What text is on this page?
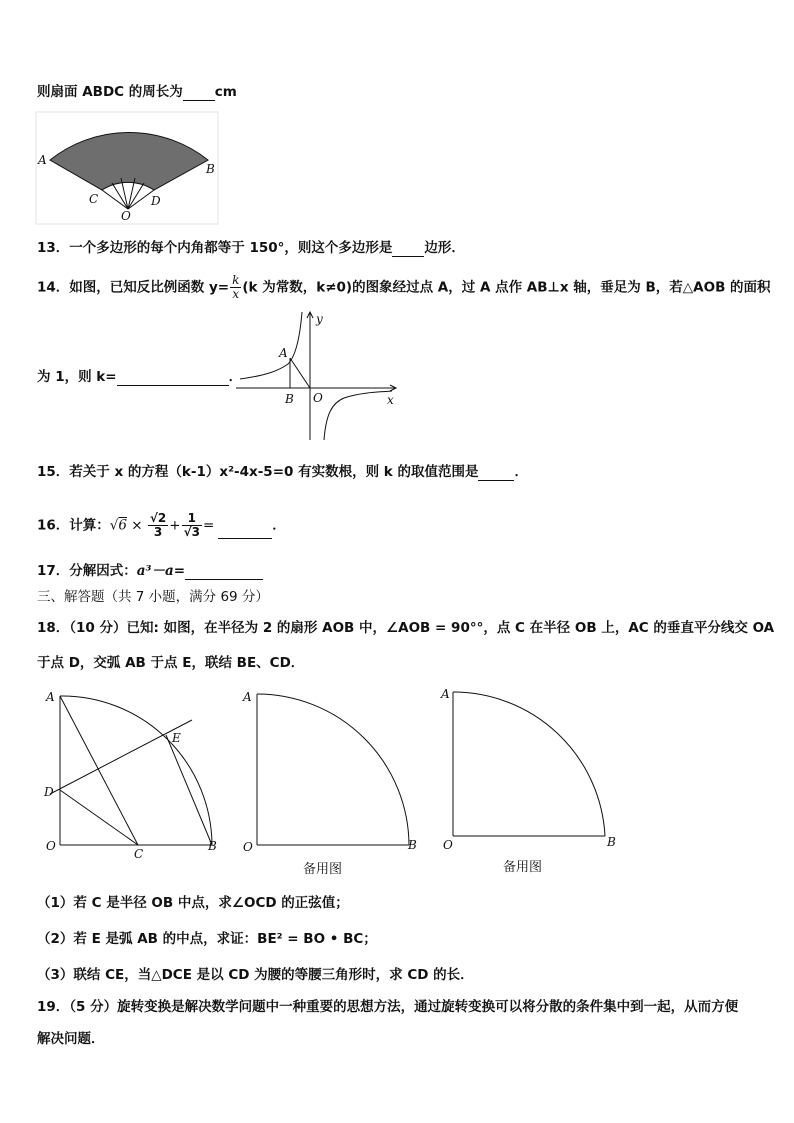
则扇面 ABDC 的周长为 cm
A
B
C	D
O
13．一个多边形的每个内角都等于 150°，则这个多边形是 边形．
14．如图，已知反比例函数 $y= \frac{k}{x} (k$ 为常数，k≠0)的图象经过点 A，过 A 点作 AB⊥x 轴，垂足为 B，若△AOB 的面积
为 1，则 k=	．
y
A
O
B	x
15．若关于 x 的方程（k-1）x²-4x-5=0 有实数根，则 k 的取值范围是	．
16．计算：$√6 \times \frac{√2}{3} + \frac{1}{√3}$ =	．
17．分解因式：a³－a=
三、解答题（共 7 小题，满分 69 分）
18．（10 分）已知: 如图，在半径为 2 的扇形 AOB 中，∠AOB = 90°°，点 C 在半径 OB 上，AC 的垂直平分线交 OA
于点 D，交弧 AB 于点 E，联结 BE、CD．
A
E
D
O
C
B
A
O	B
备用图
A
O	B
备用图
（1）若 C 是半径 OB 中点，求∠OCD 的正弦值；
（2）若 E 是弧 AB 的中点，求证：BE² = BO • BC；
（3）联结 CE，当△DCE 是以 CD 为腰的等腰三角形时，求 CD 的长．
19．（5 分）旋转变换是解决数学问题中一种重要的思想方法，通过旋转变换可以将分散的条件集中到一起，从而方便
解决问题．
